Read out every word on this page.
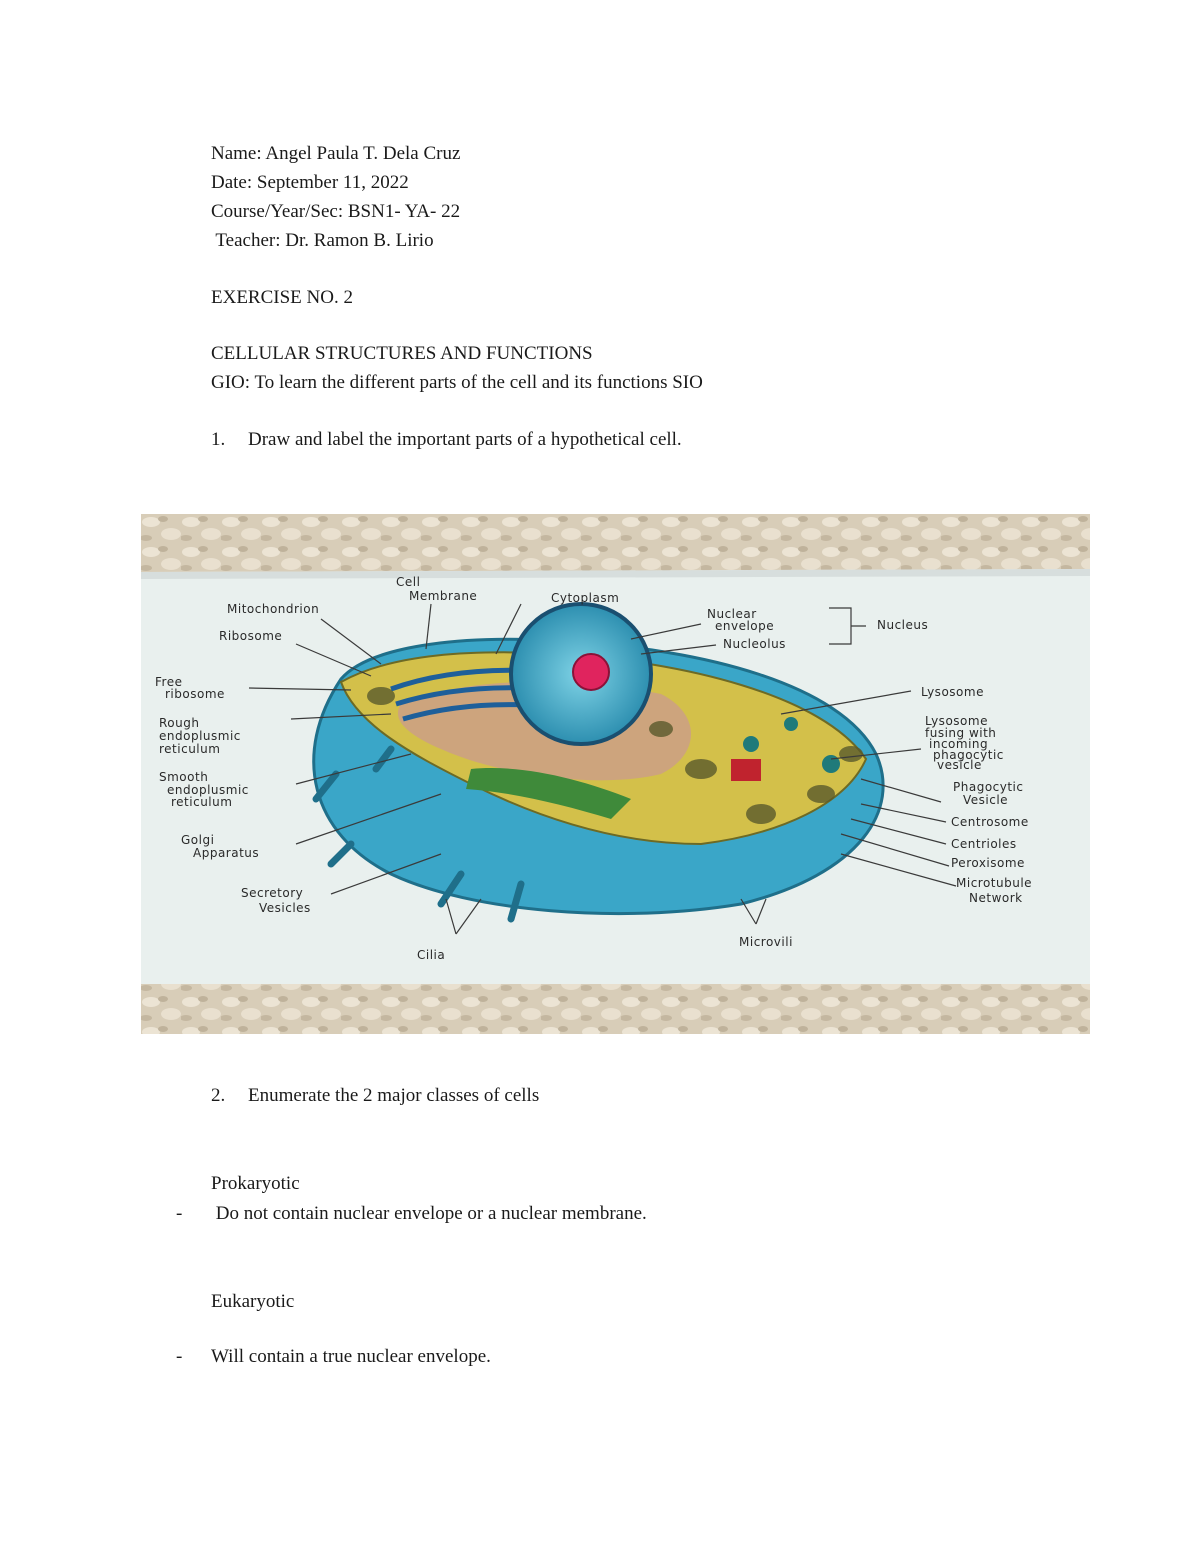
Name: Angel Paula T. Dela Cruz
Date: September 11, 2022
Course/Year/Sec: BSN1- YA- 22
Teacher: Dr. Ramon B. Lirio
EXERCISE NO. 2
CELLULAR STRUCTURES AND FUNCTIONS
GIO: To learn the different parts of the cell and its functions SIO
1. Draw and label the important parts of a hypothetical cell.
Cell
Membrane	Cytoplasm
Mitochondrion
Ribosome
Free
ribosome
Rough
endoplusmic
reticulum
Smooth
endoplusmic
reticulum
Golgi
Apparatus
Secretory
Vesicles
Cilia
Microvili
Nuclear
envelope
Nucleolus
Nucleus
Lysosome
Lysosome
fusing with
incoming
phagocytic
vesicle
Phagocytic
Vesicle
Centrosome
Centrioles
Peroxisome
Microtubule
Network
2. Enumerate the 2 major classes of cells
Prokaryotic
- Do not contain nuclear envelope or a nuclear membrane.
Eukaryotic
- Will contain a true nuclear envelope.
